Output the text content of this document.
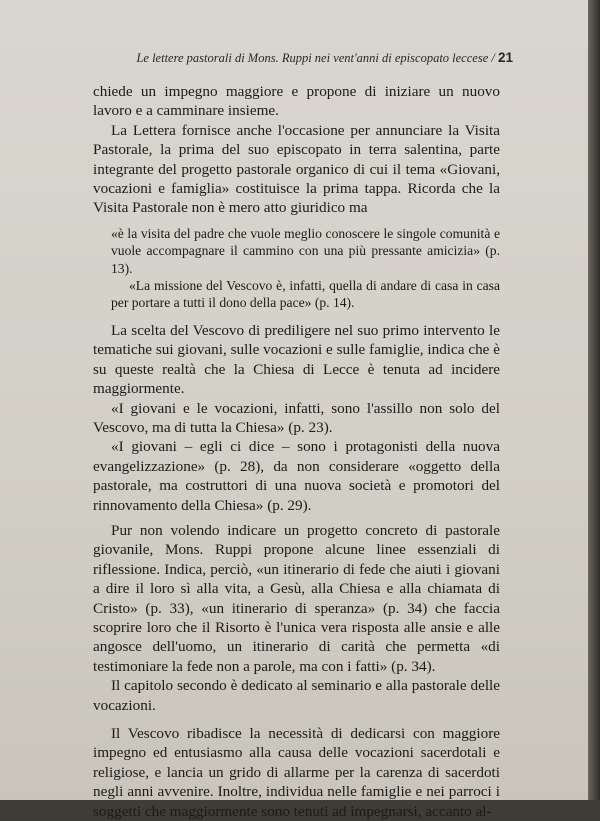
Le lettere pastorali di Mons. Ruppi nei vent'anni di episcopato leccese / 21

chiede un impegno maggiore e propone di iniziare un nuovo lavoro e a camminare insieme.

La Lettera fornisce anche l'occasione per annunciare la Visita Pastorale, la prima del suo episcopato in terra salentina, parte integrante del progetto pastorale organico di cui il tema «Giovani, vocazioni e famiglia» costituisce la prima tappa. Ricorda che la Visita Pastorale non è mero atto giuridico ma

«è la visita del padre che vuole meglio conoscere le singole comunità e vuole accompagnare il cammino con una più pressante amicizia» (p. 13).

«La missione del Vescovo è, infatti, quella di andare di casa in casa per portare a tutti il dono della pace» (p. 14).

La scelta del Vescovo di prediligere nel suo primo intervento le tematiche sui giovani, sulle vocazioni e sulle famiglie, indica che è su queste realtà che la Chiesa di Lecce è tenuta ad incidere maggiormente.

«I giovani e le vocazioni, infatti, sono l'assillo non solo del Vescovo, ma di tutta la Chiesa» (p. 23).

«I giovani – egli ci dice – sono i protagonisti della nuova evangelizzazione» (p. 28), da non considerare «oggetto della pastorale, ma costruttori di una nuova società e promotori del rinnovamento della Chiesa» (p. 29).

Pur non volendo indicare un progetto concreto di pastorale giovanile, Mons. Ruppi propone alcune linee essenziali di riflessione. Indica, perciò, «un itinerario di fede che aiuti i giovani a dire il loro sì alla vita, a Gesù, alla Chiesa e alla chiamata di Cristo» (p. 33), «un itinerario di speranza» (p. 34) che faccia scoprire loro che il Risorto è l'unica vera risposta alle ansie e alle angosce dell'uomo, un itinerario di carità che permetta «di testimoniare la fede non a parole, ma con i fatti» (p. 34).

Il capitolo secondo è dedicato al seminario e alla pastorale delle vocazioni.

Il Vescovo ribadisce la necessità di dedicarsi con maggiore impegno ed entusiasmo alla causa delle vocazioni sacerdotali e religiose, e lancia un grido di allarme per la carenza di sacerdoti negli anni avvenire. Inoltre, individua nelle famiglie e nei parroci i soggetti che maggiormente sono tenuti ad impegnarsi, accanto al-
